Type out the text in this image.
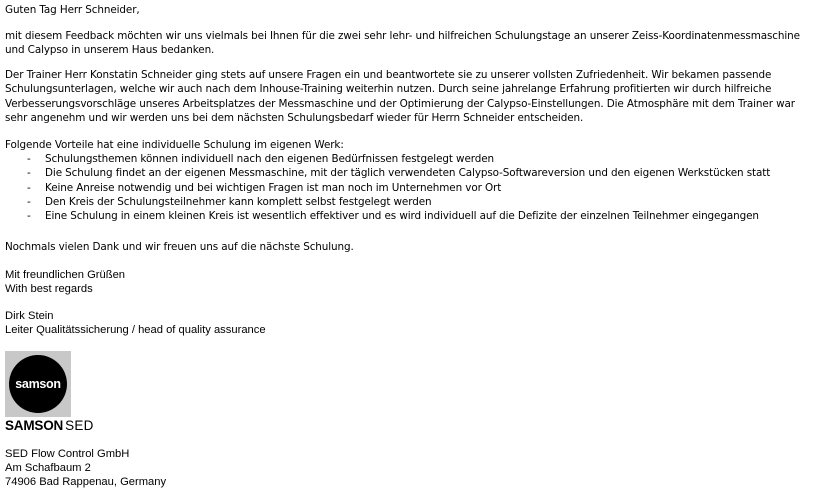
Guten Tag Herr Schneider,

mit diesem Feedback möchten wir uns vielmals bei Ihnen für die zwei sehr lehr- und hilfreichen Schulungstage an unserer Zeiss-Koordinatenmessmaschine und Calypso in unserem Haus bedanken.

Der Trainer Herr Konstatin Schneider ging stets auf unsere Fragen ein und beantwortete sie zu unserer vollsten Zufriedenheit. Wir bekamen passende Schulungsunterlagen, welche wir auch nach dem Inhouse-Training weiterhin nutzen. Durch seine jahrelange Erfahrung profitierten wir durch hilfreiche Verbesserungsvorschläge unseres Arbeitsplatzes der Messmaschine und der Optimierung der Calypso-Einstellungen. Die Atmosphäre mit dem Trainer war sehr angenehm und wir werden uns bei dem nächsten Schulungsbedarf wieder für Herrn Schneider entscheiden.

Folgende Vorteile hat eine individuelle Schulung im eigenen Werk:

- Schulungsthemen können individuell nach den eigenen Bedürfnissen festgelegt werden
- Die Schulung findet an der eigenen Messmaschine, mit der täglich verwendeten Calypso-Softwareversion und den eigenen Werkstücken statt
- Keine Anreise notwendig und bei wichtigen Fragen ist man noch im Unternehmen vor Ort
- Den Kreis der Schulungsteilnehmer kann komplett selbst festgelegt werden
- Eine Schulung in einem kleinen Kreis ist wesentlich effektiver und es wird individuell auf die Defizite der einzelnen Teilnehmer eingegangen

Nochmals vielen Dank und wir freuen uns auf die nächste Schulung.

Mit freundlichen Grüßen

With best regards

Dirk Stein

Leiter Qualitätssicherung / head of quality assurance

samson
SAMSON SED

SED Flow Control GmbH

Am Schafbaum 2

74906 Bad Rappenau, Germany
